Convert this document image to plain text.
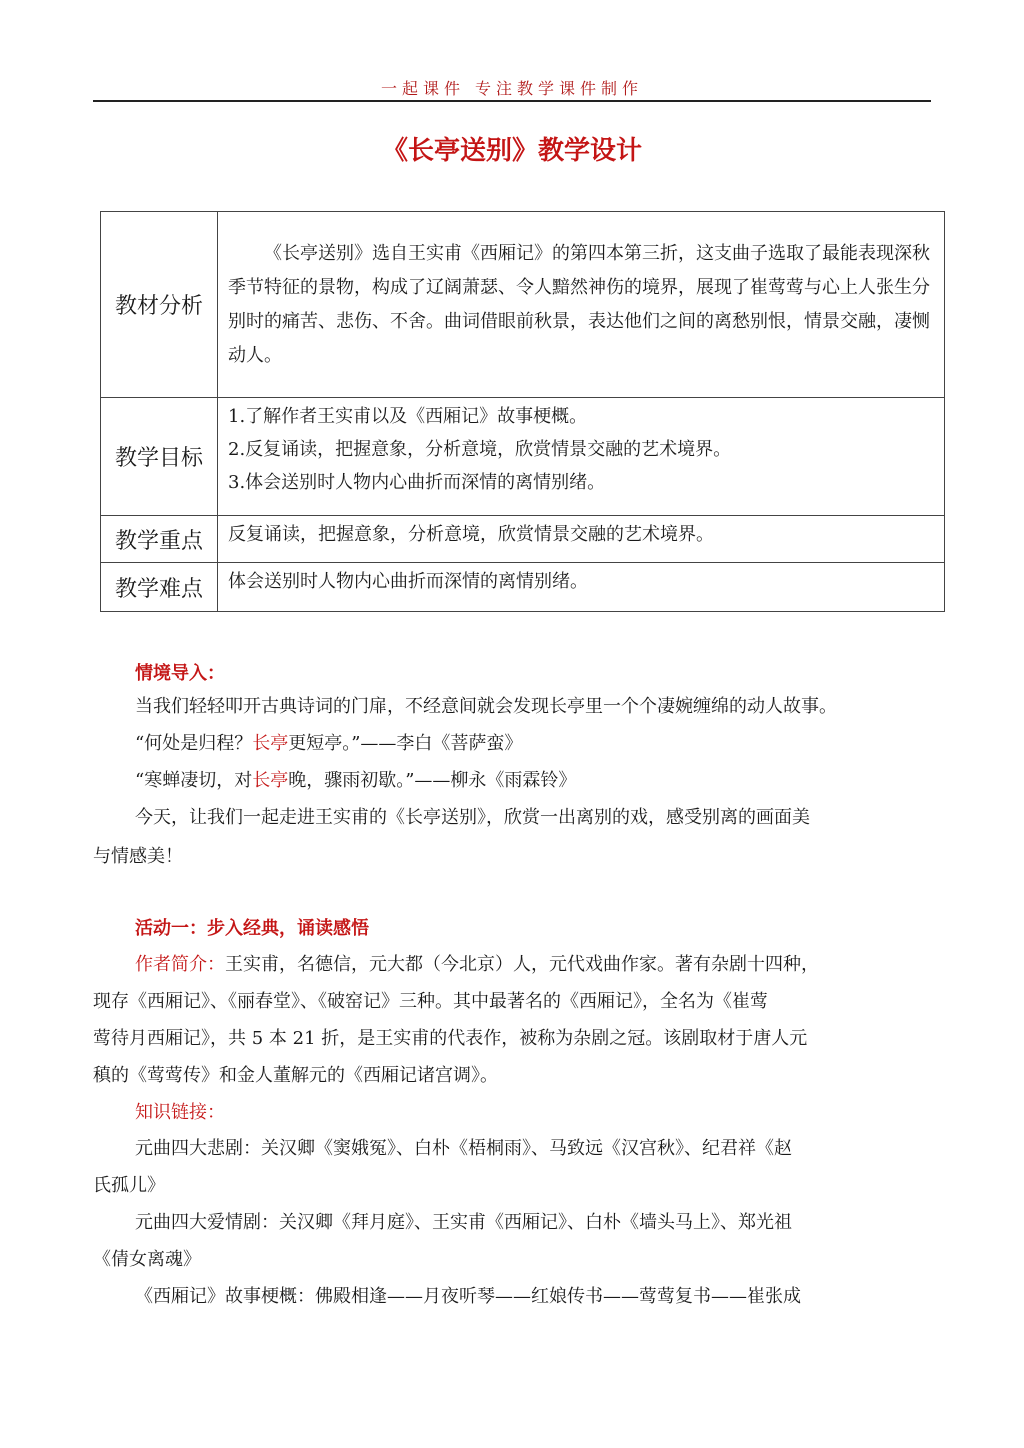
一起课件 专注教学课件制作
《长亭送别》教学设计
教材分析	《长亭送别》选自王实甫《西厢记》的第四本第三折，这支曲子选取了最能表现深秋季节特征的景物，构成了辽阔萧瑟、令人黯然神伤的境界，展现了崔莺莺与心上人张生分别时的痛苦、悲伤、不舍。曲词借眼前秋景，表达他们之间的离愁别恨，情景交融，凄恻动人。

教学目标	1.了解作者王实甫以及《西厢记》故事梗概。
2.反复诵读，把握意象，分析意境，欣赏情景交融的艺术境界。
3.体会送别时人物内心曲折而深情的离情别绪。

教学重点	反复诵读，把握意象，分析意境，欣赏情景交融的艺术境界。
教学难点	体会送别时人物内心曲折而深情的离情别绪。
情境导入：
当我们轻轻叩开古典诗词的门扉，不经意间就会发现长亭里一个个凄婉缠绵的动人故事。
“何处是归程？长亭更短亭。”——李白《菩萨蛮》
“寒蝉凄切，对长亭晚，骤雨初歇。”——柳永《雨霖铃》
今天，让我们一起走进王实甫的《长亭送别》，欣赏一出离别的戏，感受别离的画面美
与情感美！
活动一：步入经典，诵读感悟
作者简介：王实甫，名德信，元大都（今北京）人，元代戏曲作家。著有杂剧十四种，
现存《西厢记》、《丽春堂》、《破窑记》三种。其中最著名的《西厢记》，全名为《崔莺
莺待月西厢记》，共 5 本 21 折，是王实甫的代表作，被称为杂剧之冠。该剧取材于唐人元
稹的《莺莺传》和金人董解元的《西厢记诸宫调》。
知识链接：
元曲四大悲剧：关汉卿《窦娥冤》、白朴《梧桐雨》、马致远《汉宫秋》、纪君祥《赵
氏孤儿》
元曲四大爱情剧：关汉卿《拜月庭》、王实甫《西厢记》、白朴《墙头马上》、郑光祖
《倩女离魂》
《西厢记》故事梗概：佛殿相逢——月夜听琴——红娘传书——莺莺复书——崔张成
